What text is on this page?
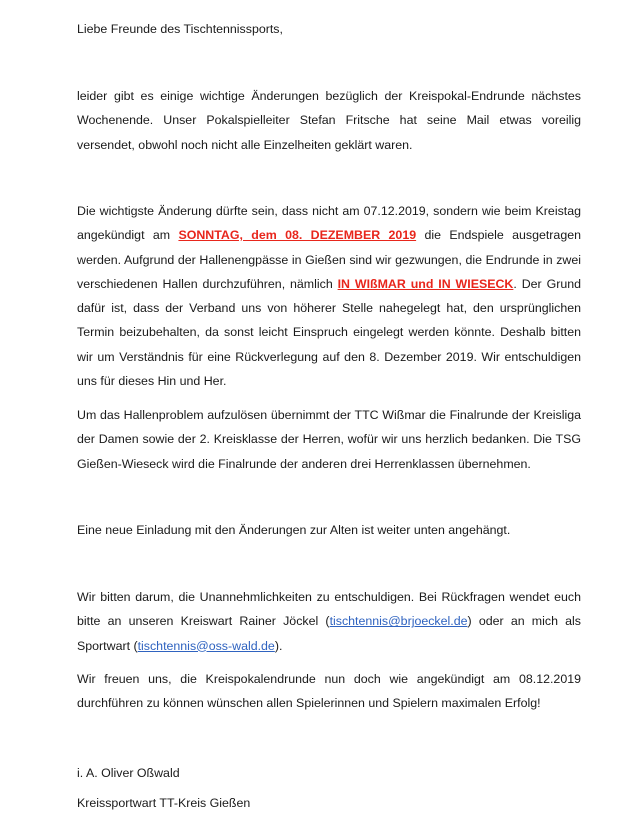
Liebe Freunde des Tischtennissports,

leider gibt es einige wichtige Änderungen bezüglich der Kreispokal-Endrunde nächstes Wochenende. Unser Pokalspielleiter Stefan Fritsche hat seine Mail etwas voreilig versendet, obwohl noch nicht alle Einzelheiten geklärt waren.

Die wichtigste Änderung dürfte sein, dass nicht am 07.12.2019, sondern wie beim Kreistag angekündigt am SONNTAG, dem 08. DEZEMBER 2019 die Endspiele ausgetragen werden. Aufgrund der Hallenengpässe in Gießen sind wir gezwungen, die Endrunde in zwei verschiedenen Hallen durchzuführen, nämlich IN WIßMAR und IN WIESECK. Der Grund dafür ist, dass der Verband uns von höherer Stelle nahegelegt hat, den ursprünglichen Termin beizubehalten, da sonst leicht Einspruch eingelegt werden könnte. Deshalb bitten wir um Verständnis für eine Rückverlegung auf den 8. Dezember 2019. Wir entschuldigen uns für dieses Hin und Her.

Um das Hallenproblem aufzulösen übernimmt der TTC Wißmar die Finalrunde der Kreisliga der Damen sowie der 2. Kreisklasse der Herren, wofür wir uns herzlich bedanken. Die TSG Gießen-Wieseck wird die Finalrunde der anderen drei Herrenklassen übernehmen.

Eine neue Einladung mit den Änderungen zur Alten ist weiter unten angehängt.

Wir bitten darum, die Unannehmlichkeiten zu entschuldigen. Bei Rückfragen wendet euch bitte an unseren Kreiswart Rainer Jöckel (tischtennis@brjoeckel.de) oder an mich als Sportwart (tischtennis@oss-wald.de).

Wir freuen uns, die Kreispokalendrunde nun doch wie angekündigt am 08.12.2019 durchführen zu können wünschen allen Spielerinnen und Spielern maximalen Erfolg!

i. A. Oliver Oßwald

Kreissportwart TT-Kreis Gießen
